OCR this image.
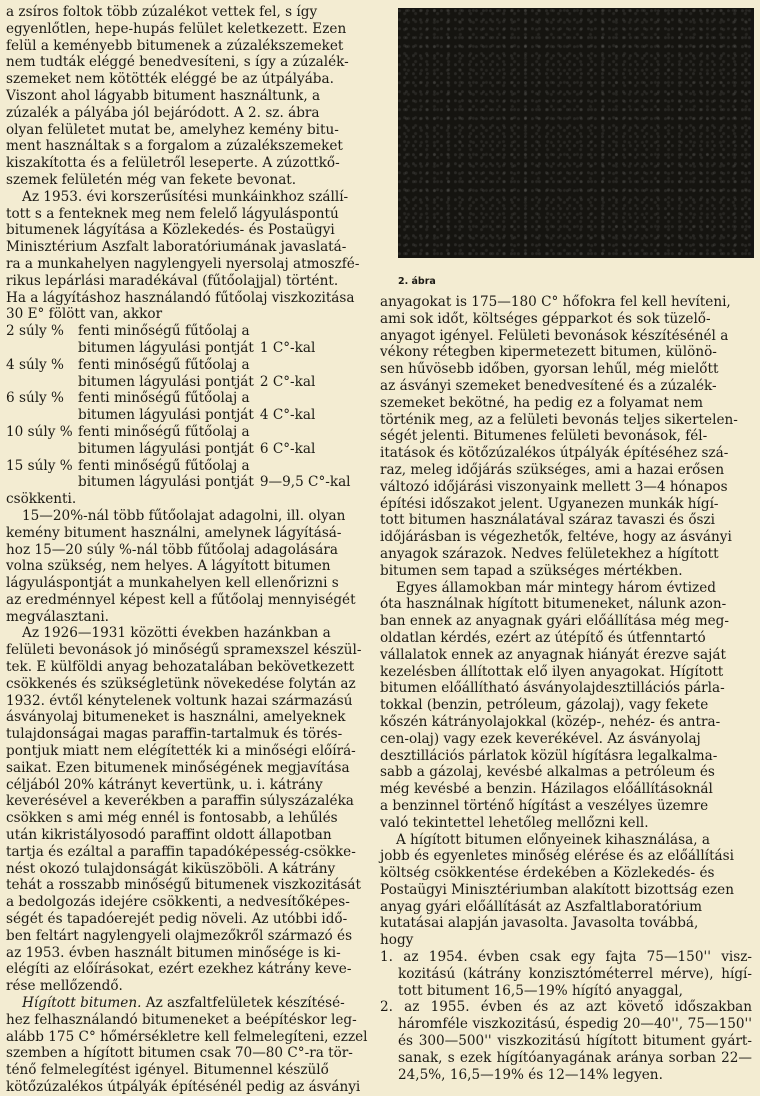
2. ábra

a zsíros foltok több zúzalékot vettek fel, s így

egyenlőtlen, hepe-hupás felület keletkezett. Ezen

felül a keményebb bitumenek a zúzalékszemeket

nem tudták eléggé benedvesíteni, s így a zúzalék-

szemeket nem kötötték eléggé be az útpályába.

Viszont ahol lágyabb bitument használtunk, a

zúzalék a pályába jól bejáródott. A 2. sz. ábra

olyan felületet mutat be, amelyhez kemény bitu-

ment használtak s a forgalom a zúzalékszemeket

kiszakította és a felületről leseperte. A zúzottkő-

szemek felületén még van fekete bevonat.

Az 1953. évi korszerűsítési munkáinkhoz szállí-

tott s a fenteknek meg nem felelő lágyuláspontú

bitumenek lágyítása a Közlekedés- és Postaügyi

Minisztérium Aszfalt laboratóriumának javaslatá-

ra a munkahelyen nagylengyeli nyersolaj atmoszfé-

rikus lepárlási maradékával (fűtőolajjal) történt.

Ha a lágyításhoz használandó fűtőolaj viszkozitása

30 E° fölött van, akkor

2 súly %	fenti minőségű fűtőolaj a	
	bitumen lágyulási pontját	1 C°-kal
4 súly %	fenti minőségű fűtőolaj a	
	bitumen lágyulási pontját	2 C°-kal
6 súly %	fenti minőségű fűtőolaj a	
	bitumen lágyulási pontját	4 C°-kal
10 súly %	fenti minőségű fűtőolaj a	
	bitumen lágyulási pontját	6 C°-kal
15 súly %	fenti minőségű fűtőolaj a	
	bitumen lágyulási pontját	9—9,5 C°-kal

csökkenti.

15—20%-nál több fűtőolajat adagolni, ill. olyan

kemény bitument használni, amelynek lágyításá-

hoz 15—20 súly %-nál több fűtőolaj adagolására

volna szükség, nem helyes. A lágyított bitumen

lágyuláspontját a munkahelyen kell ellenőrizni s

az eredménnyel képest kell a fűtőolaj mennyiségét

megválasztani.

Az 1926—1931 közötti években hazánkban a

felületi bevonások jó minőségű spramexszel készül-

tek. E külföldi anyag behozatalában bekövetkezett

csökkenés és szükségletünk növekedése folytán az

1932. évtől kénytelenek voltunk hazai származású

ásványolaj bitumeneket is használni, amelyeknek

tulajdonságai magas paraffin-tartalmuk és törés-

pontjuk miatt nem elégítették ki a minőségi előírá-

saikat. Ezen bitumenek minőségének megjavítása

céljából 20% kátrányt kevertünk, u. i. kátrány

keverésével a keverékben a paraffin súlyszázaléka

csökken s ami még ennél is fontosabb, a lehűlés

után kikristályosodó paraffint oldott állapotban

tartja és ezáltal a paraffin tapadóképesség-csökke-

nést okozó tulajdonságát kiküszöböli. A kátrány

tehát a rosszabb minőségű bitumenek viszkozitását

a bedolgozás idejére csökkenti, a nedvesítőképes-

ségét és tapadóerejét pedig növeli. Az utóbbi idő-

ben feltárt nagylengyeli olajmezőkről származó és

az 1953. évben használt bitumen minősége is ki-

elégíti az előírásokat, ezért ezekhez kátrány keve-

rése mellőzendő.

Hígított bitumen. Az aszfaltfelületek készítésé-

hez felhasználandó bitumeneket a beépítéskor leg-

alább 175 C° hőmérsékletre kell felmelegíteni, ezzel

szemben a hígított bitumen csak 70—80 C°-ra tör-

ténő felmelegítést igényel. Bitumennel készülő

kötőzúzalékos útpályák építésénél pedig az ásványi

anyagokat is 175—180 C° hőfokra fel kell hevíteni,

ami sok időt, költséges gépparkot és sok tüzelő-

anyagot igényel. Felületi bevonások készítésénél a

vékony rétegben kipermetezett bitumen, különö-

sen hűvösebb időben, gyorsan lehűl, még mielőtt

az ásványi szemeket benedvesítené és a zúzalék-

szemeket bekötné, ha pedig ez a folyamat nem

történik meg, az a felületi bevonás teljes sikertelen-

ségét jelenti. Bitumenes felületi bevonások, fél-

itatások és kötőzúzalékos útpályák építéséhez szá-

raz, meleg időjárás szükséges, ami a hazai erősen

változó időjárási viszonyaink mellett 3—4 hónapos

építési időszakot jelent. Ugyanezen munkák hígí-

tott bitumen használatával száraz tavaszi és őszi

időjárásban is végezhetők, feltéve, hogy az ásványi

anyagok szárazok. Nedves felületekhez a hígított

bitumen sem tapad a szükséges mértékben.

Egyes államokban már mintegy három évtized

óta használnak hígított bitumeneket, nálunk azon-

ban ennek az anyagnak gyári előállítása még meg-

oldatlan kérdés, ezért az útépítő és útfenntartó

vállalatok ennek az anyagnak hiányát érezve saját

kezelésben állítottak elő ilyen anyagokat. Hígított

bitumen előállítható ásványolajdesztillációs párla-

tokkal (benzin, petróleum, gázolaj), vagy fekete

kőszén kátrányolajokkal (közép-, nehéz- és antra-

cen-olaj) vagy ezek keverékével. Az ásványolaj

desztillációs párlatok közül hígításra legalkalma-

sabb a gázolaj, kevésbé alkalmas a petróleum és

még kevésbé a benzin. Házilagos előállításoknál

a benzinnel történő hígítást a veszélyes üzemre

való tekintettel lehetőleg mellőzni kell.

A hígított bitumen előnyeinek kihasználása, a

jobb és egyenletes minőség elérése és az előállítási

költség csökkentése érdekében a Közlekedés- és

Postaügyi Minisztériumban alakított bizottság ezen

anyag gyári előállítását az Aszfaltlaboratórium

kutatásai alapján javasolta. Javasolta továbbá,

hogy

1. az 1954. évben csak egy fajta 75—150'' visz- kozitású (kátrány konzisztóméterrel mérve), hígí- tott bitument 16,5—19% hígító anyaggal,

2. az 1955. évben és az azt követő időszakban háromféle viszkozitású, éspedig 20—40'', 75—150'' és 300—500'' viszkozitású hígított bitument gyárt- sanak, s ezek hígítóanyagának aránya sorban 22—24,5%, 16,5—19% és 12—14% legyen.
